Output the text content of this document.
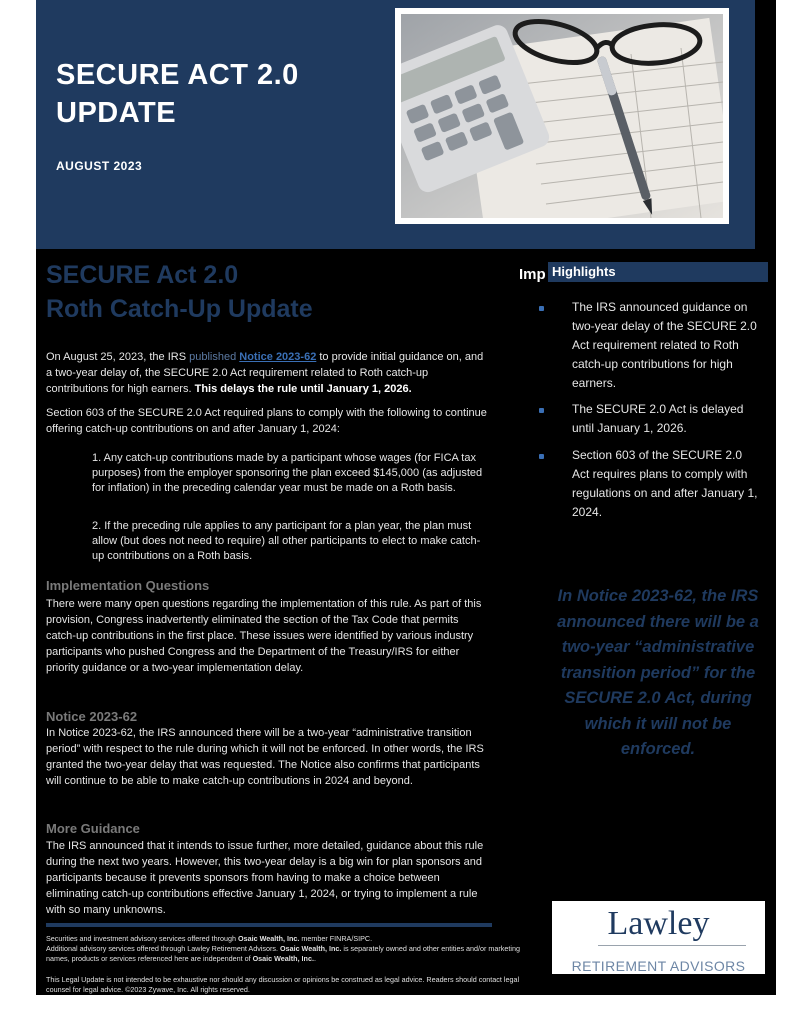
SECURE ACT 2.0 UPDATE
AUGUST 2023
SECURE Act 2.0
Roth Catch-Up Update
On August 25, 2023, the IRS published Notice 2023-62 to provide initial guidance on, and a two-year delay of, the SECURE 2.0 Act requirement related to Roth catch-up contributions for high earners. This delays the rule until January 1, 2026.
Section 603 of the SECURE 2.0 Act required plans to comply with the following to continue offering catch-up contributions on and after January 1, 2024:
1. Any catch-up contributions made by a participant whose wages (for FICA tax purposes) from the employer sponsoring the plan exceed $145,000 (as adjusted for inflation) in the preceding calendar year must be made on a Roth basis.
2. If the preceding rule applies to any participant for a plan year, the plan must allow (but does not need to require) all other participants to elect to make catch-up contributions on a Roth basis.
Implementation Questions
There were many open questions regarding the implementation of this rule. As part of this provision, Congress inadvertently eliminated the section of the Tax Code that permits catch-up contributions in the first place. These issues were identified by various industry participants who pushed Congress and the Department of the Treasury/IRS for either priority guidance or a two-year implementation delay.
Notice 2023-62
In Notice 2023-62, the IRS announced there will be a two-year “administrative transition period” with respect to the rule during which it will not be enforced. In other words, the IRS granted the two-year delay that was requested. The Notice also confirms that participants will continue to be able to make catch-up contributions in 2024 and beyond.
More Guidance
The IRS announced that it intends to issue further, more detailed, guidance about this rule during the next two years. However, this two-year delay is a big win for plan sponsors and participants because it prevents sponsors from having to make a choice between eliminating catch-up contributions effective January 1, 2024, or trying to implement a rule with so many unknowns.
Securities and investment advisory services offered through Osaic Wealth, Inc. member FINRA/SIPC.
Additional advisory services offered through Lawley Retirement Advisors. Osaic Wealth, Inc. is separately owned and other entities and/or marketing names, products or services referenced here are independent of Osaic Wealth, Inc..
This Legal Update is not intended to be exhaustive nor should any discussion or opinions be construed as legal advice. Readers should contact legal counsel for legal advice. ©2023 Zywave, Inc. All rights reserved.
Imp Highlights
The IRS announced guidance on two-year delay of the SECURE 2.0 Act requirement related to Roth catch-up contributions for high earners.
The SECURE 2.0 Act is delayed until January 1, 2026.
Section 603 of the SECURE 2.0 Act requires plans to comply with regulations on and after January 1, 2024.
In Notice 2023-62, the IRS announced there will be a two-year “administrative transition period” for the SECURE 2.0 Act, during which it will not be enforced.
Lawley
RETIREMENT ADVISORS
